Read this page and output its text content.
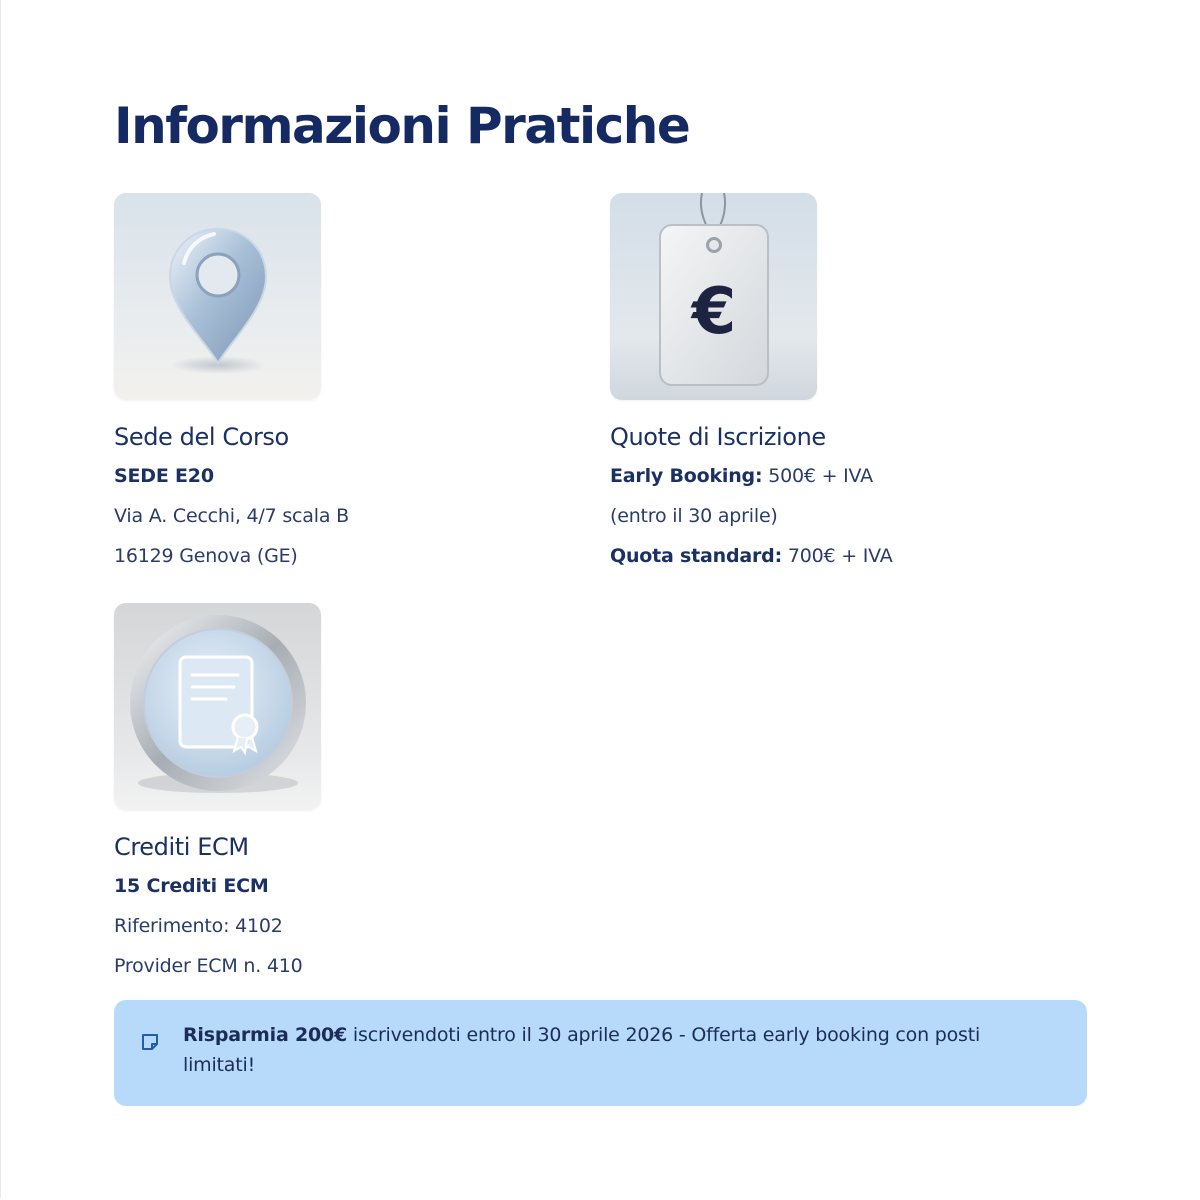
Informazioni Pratiche
Sede del Corso

SEDE E20

Via A. Cecchi, 4/7 scala B

16129 Genova (GE)

€
Quote di Iscrizione

Early Booking: 500€ + IVA

(entro il 30 aprile)

Quota standard: 700€ + IVA

Crediti ECM

15 Crediti ECM

Riferimento: 4102

Provider ECM n. 410

Risparmia 200€ iscrivendoti entro il 30 aprile 2026 - Offerta early booking con posti limitati!
